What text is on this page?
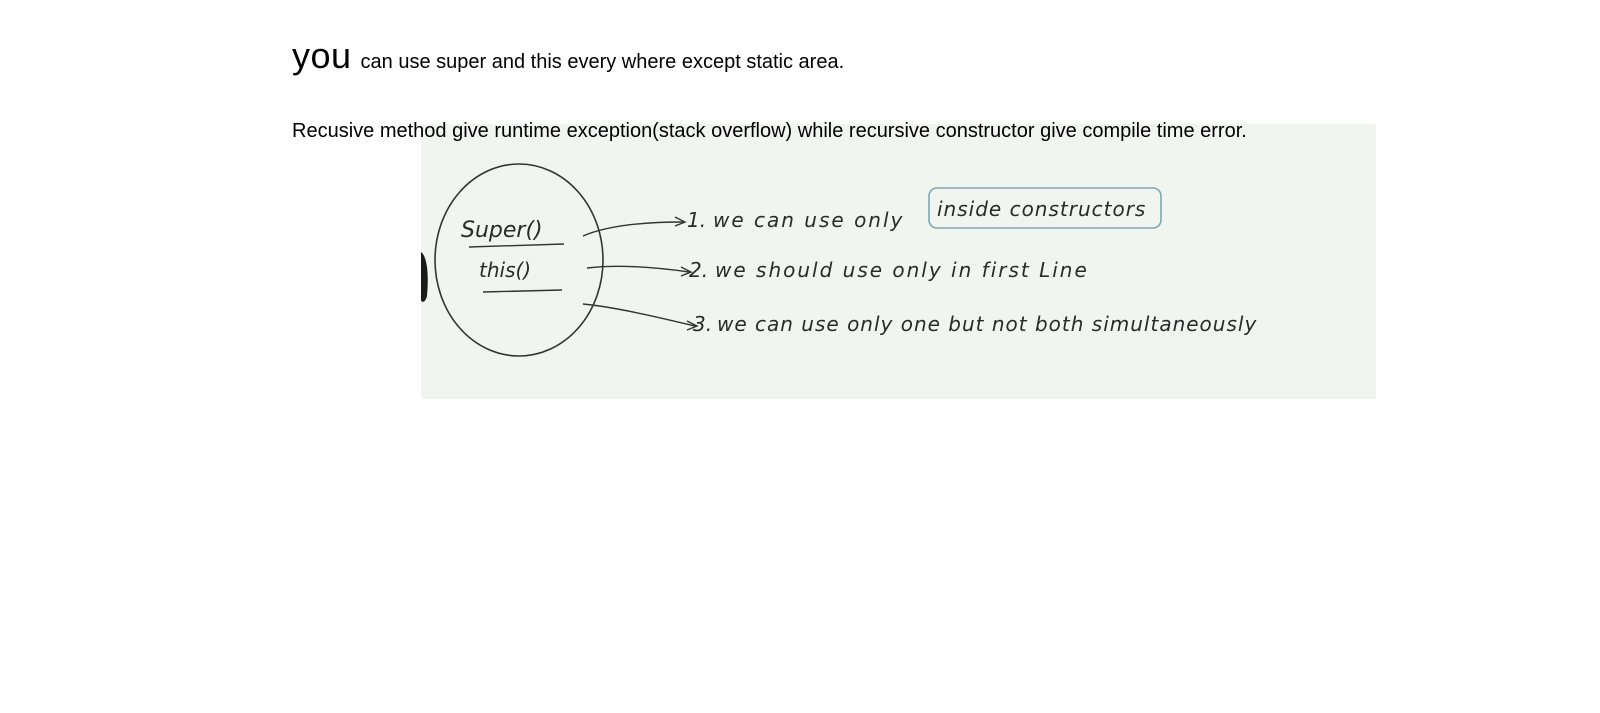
Super()
this()
1. we can use only inside constructors
2. we should use only in first Line
3. we can use only one but not both simultaneously
you can use super and this every where except static area.
Recusive method give runtime exception(stack overflow) while recursive constructor give compile time error.
